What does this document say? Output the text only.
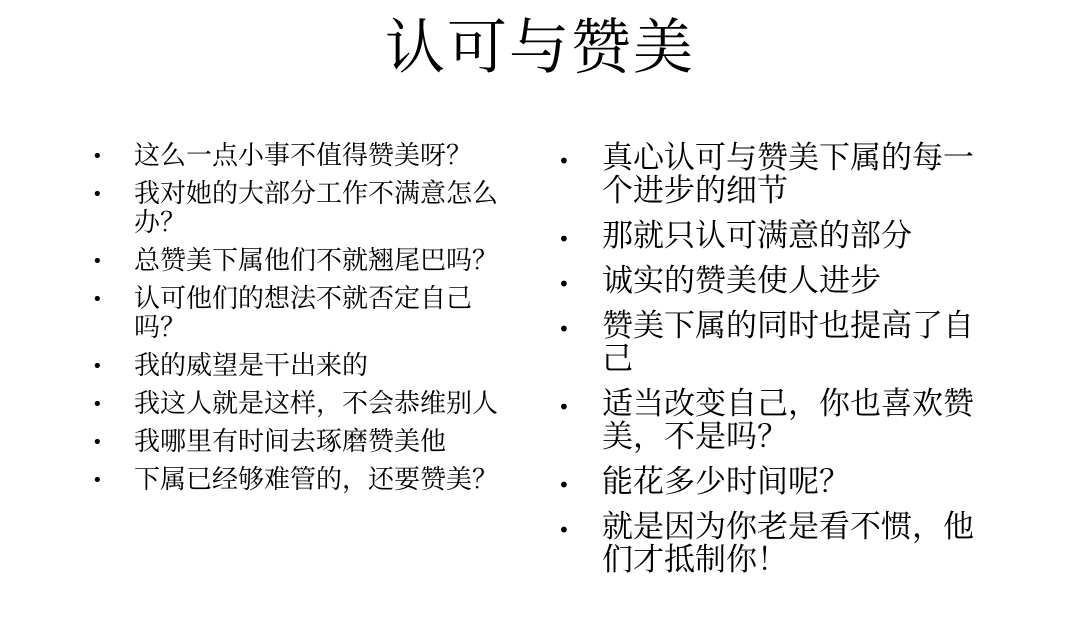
认可与赞美
• 这么一点小事不值得赞美呀？
• 我对她的大部分工作不满意怎么办？
• 总赞美下属他们不就翘尾巴吗？
• 认可他们的想法不就否定自己吗？
• 我的威望是干出来的
• 我这人就是这样，不会恭维别人
• 我哪里有时间去琢磨赞美他
• 下属已经够难管的，还要赞美？
• 真心认可与赞美下属的每一个进步的细节
• 那就只认可满意的部分
• 诚实的赞美使人进步
• 赞美下属的同时也提高了自己
• 适当改变自己，你也喜欢赞美，不是吗？
• 能花多少时间呢？
• 就是因为你老是看不惯，他们才抵制你！
